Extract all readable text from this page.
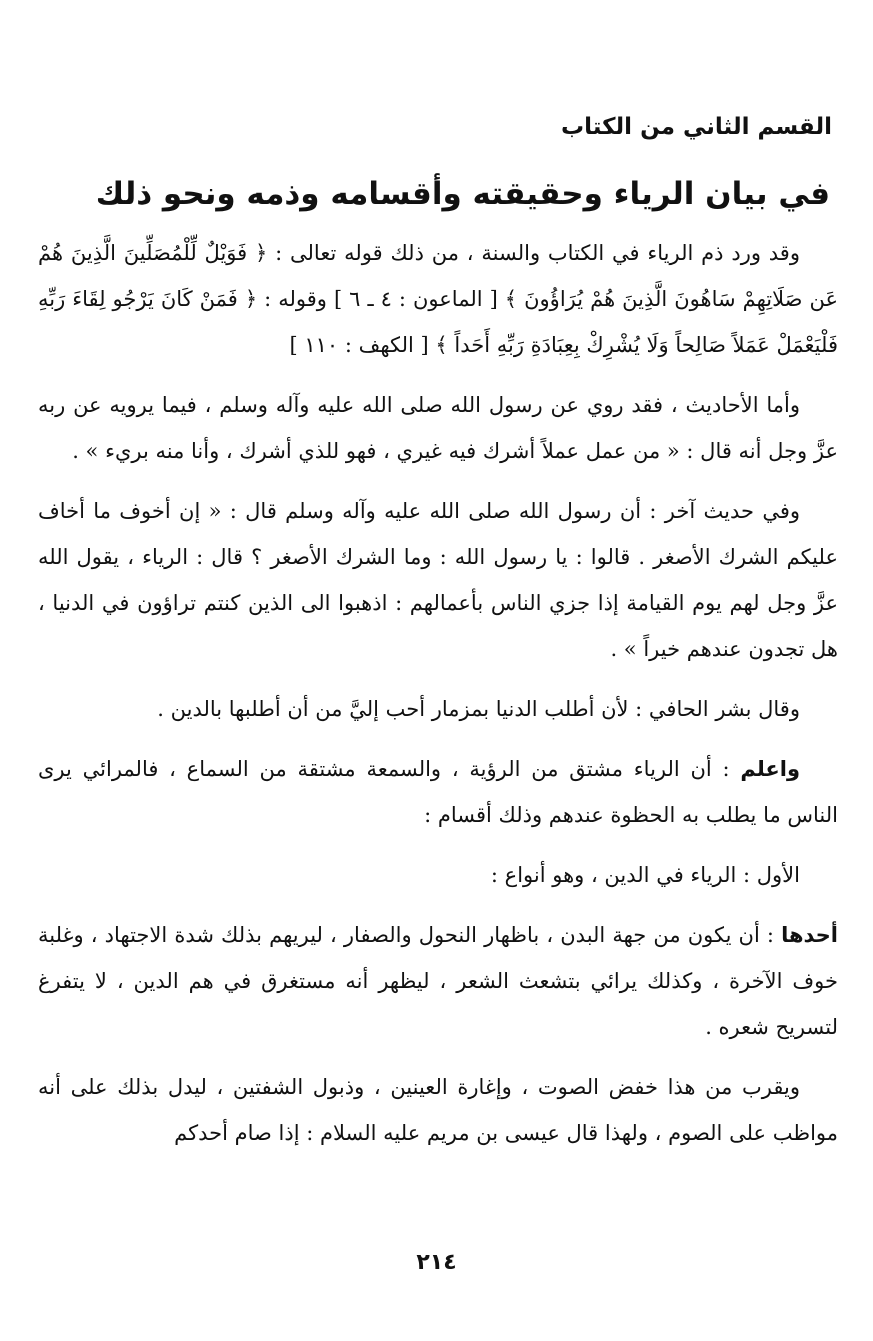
القسم الثاني من الكتاب
في بيان الرياء وحقيقته وأقسامه وذمه ونحو ذلك

وقد ورد ذم الرياء في الكتاب والسنة ، من ذلك قوله تعالى : ﴿ فَوَيْلٌ لِّلْمُصَلِّينَ الَّذِينَ هُمْ عَن صَلَاتِهِمْ سَاهُونَ الَّذِينَ هُمْ يُرَاؤُونَ ﴾ [ الماعون : ٤ ـ ٦ ] وقوله : ﴿ فَمَنْ كَانَ يَرْجُو لِقَاءَ رَبِّهِ فَلْيَعْمَلْ عَمَلاً صَالِحاً وَلَا يُشْرِكْ بِعِبَادَةِ رَبِّهِ أَحَداً ﴾ [ الكهف : ١١٠ ]

وأما الأحاديث ، فقد روي عن رسول الله صلى الله عليه وآله وسلم ، فيما يرويه عن ربه عزَّ وجل أنه قال : « من عمل عملاً أشرك فيه غيري ، فهو للذي أشرك ، وأنا منه بريء » .

وفي حديث آخر : أن رسول الله صلى الله عليه وآله وسلم قال : « إن أخوف ما أخاف عليكم الشرك الأصغر . قالوا : يا رسول الله : وما الشرك الأصغر ؟ قال : الرياء ، يقول الله عزَّ وجل لهم يوم القيامة إذا جزي الناس بأعمالهم : اذهبوا الى الذين كنتم تراؤون في الدنيا ، هل تجدون عندهم خيراً » .

وقال بشر الحافي : لأن أطلب الدنيا بمزمار أحب إليَّ من أن أطلبها بالدين .

واعلم : أن الرياء مشتق من الرؤية ، والسمعة مشتقة من السماع ، فالمرائي يرى الناس ما يطلب به الحظوة عندهم وذلك أقسام :

الأول : الرياء في الدين ، وهو أنواع :

أحدها : أن يكون من جهة البدن ، باظهار النحول والصفار ، ليريهم بذلك شدة الاجتهاد ، وغلبة خوف الآخرة ، وكذلك يرائي بتشعث الشعر ، ليظهر أنه مستغرق في هم الدين ، لا يتفرغ لتسريح شعره .

ويقرب من هذا خفض الصوت ، وإغارة العينين ، وذبول الشفتين ، ليدل بذلك على أنه مواظب على الصوم ، ولهذا قال عيسى بن مريم عليه السلام : إذا صام أحدكم

٢١٤
